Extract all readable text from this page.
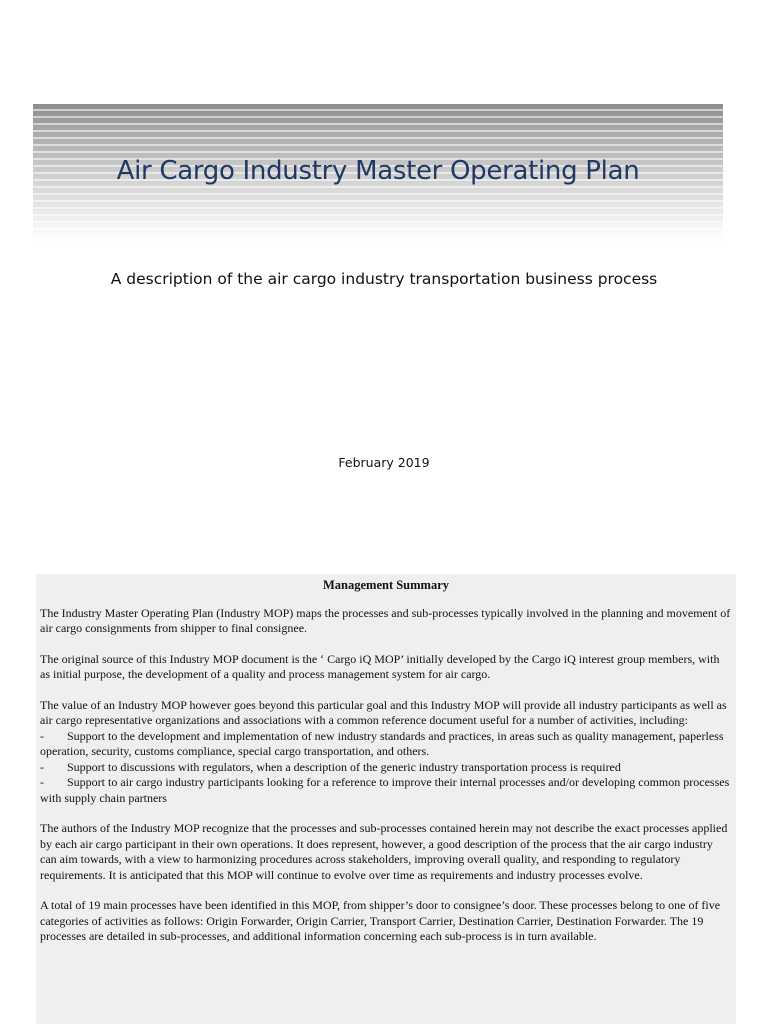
Air Cargo Industry Master Operating Plan
A description of the air cargo industry transportation business process
February 2019
Management Summary

The Industry Master Operating Plan (Industry MOP) maps the processes and sub-processes typically involved in the planning and movement of air cargo consignments from shipper to final consignee.

The original source of this Industry MOP document is the ‘ Cargo iQ MOP’ initially developed by the Cargo iQ interest group members, with as initial purpose, the development of a quality and process management system for air cargo.

The value of an Industry MOP however goes beyond this particular goal and this Industry MOP will provide all industry participants as well as air cargo representative organizations and associations with a common reference document useful for a number of activities, including:
- Support to the development and implementation of new industry standards and practices, in areas such as quality management, paperless operation, security, customs compliance, special cargo transportation, and others.
- Support to discussions with regulators, when a description of the generic industry transportation process is required
- Support to air cargo industry participants looking for a reference to improve their internal processes and/or developing common processes with supply chain partners

The authors of the Industry MOP recognize that the processes and sub-processes contained herein may not describe the exact processes applied by each air cargo participant in their own operations. It does represent, however, a good description of the process that the air cargo industry can aim towards, with a view to harmonizing procedures across stakeholders, improving overall quality, and responding to regulatory requirements. It is anticipated that this MOP will continue to evolve over time as requirements and industry processes evolve.

A total of 19 main processes have been identified in this MOP, from shipper’s door to consignee’s door. These processes belong to one of five categories of activities as follows: Origin Forwarder, Origin Carrier, Transport Carrier, Destination Carrier, Destination Forwarder. The 19 processes are detailed in sub-processes, and additional information concerning each sub-process is in turn available.
